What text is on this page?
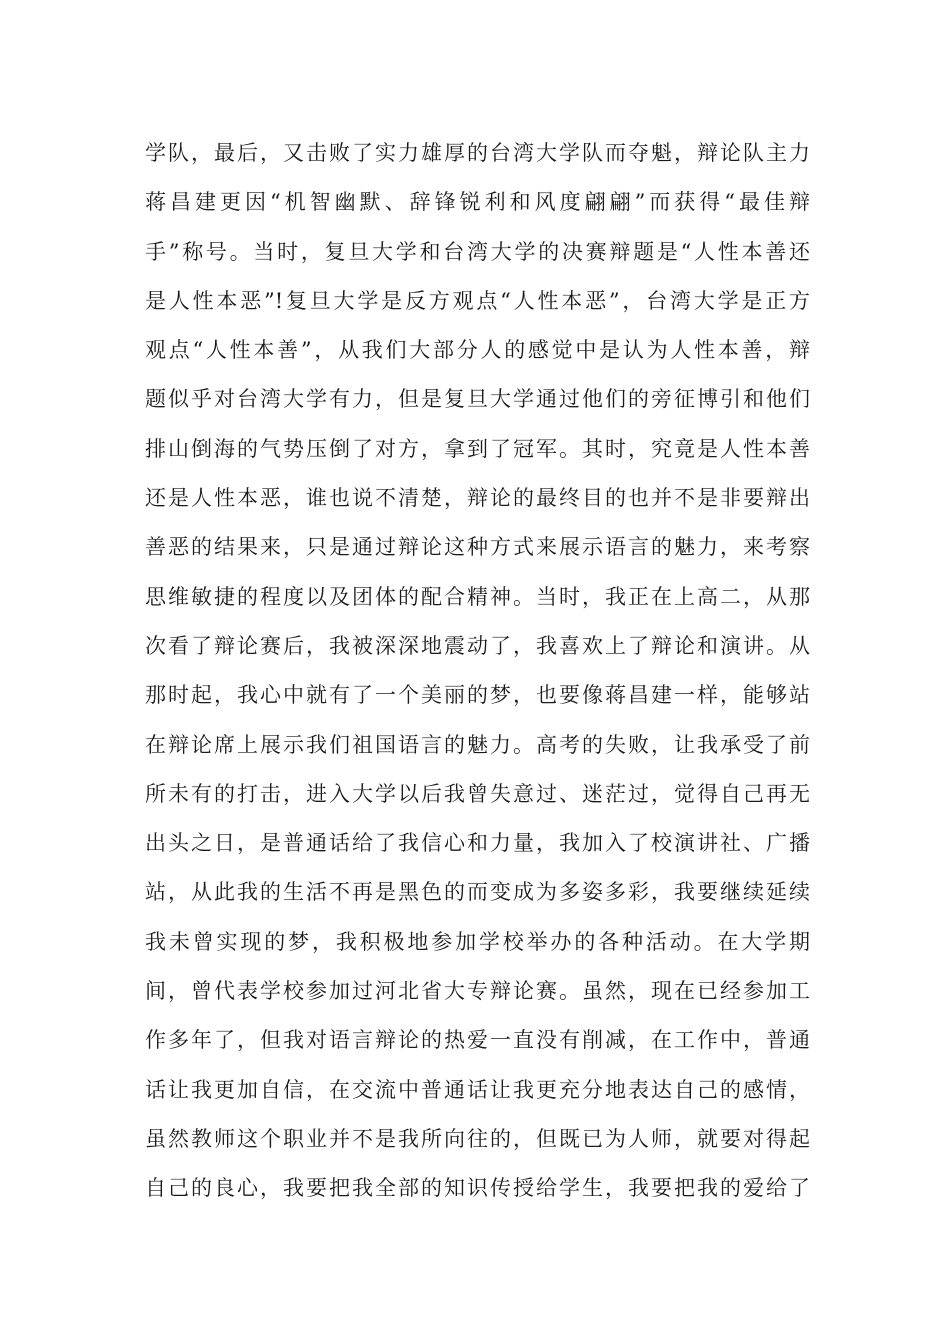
学队，最后，又击败了实力雄厚的台湾大学队而夺魁，辩论队主力
蒋昌建更因“机智幽默、辞锋锐利和风度翩翩”而获得“最佳辩
手”称号。当时，复旦大学和台湾大学的决赛辩题是“人性本善还
是人性本恶”!复旦大学是反方观点“人性本恶”，台湾大学是正方
观点“人性本善”，从我们大部分人的感觉中是认为人性本善，辩
题似乎对台湾大学有力，但是复旦大学通过他们的旁征博引和他们
排山倒海的气势压倒了对方，拿到了冠军。其时，究竟是人性本善
还是人性本恶，谁也说不清楚，辩论的最终目的也并不是非要辩出
善恶的结果来，只是通过辩论这种方式来展示语言的魅力，来考察
思维敏捷的程度以及团体的配合精神。当时，我正在上高二，从那
次看了辩论赛后，我被深深地震动了，我喜欢上了辩论和演讲。从
那时起，我心中就有了一个美丽的梦，也要像蒋昌建一样，能够站
在辩论席上展示我们祖国语言的魅力。高考的失败，让我承受了前
所未有的打击，进入大学以后我曾失意过、迷茫过，觉得自己再无
出头之日，是普通话给了我信心和力量，我加入了校演讲社、广播
站，从此我的生活不再是黑色的而变成为多姿多彩，我要继续延续
我未曾实现的梦，我积极地参加学校举办的各种活动。在大学期
间，曾代表学校参加过河北省大专辩论赛。虽然，现在已经参加工
作多年了，但我对语言辩论的热爱一直没有削减，在工作中，普通
话让我更加自信，在交流中普通话让我更充分地表达自己的感情，
虽然教师这个职业并不是我所向往的，但既已为人师，就要对得起
自己的良心，我要把我全部的知识传授给学生，我要把我的爱给了
